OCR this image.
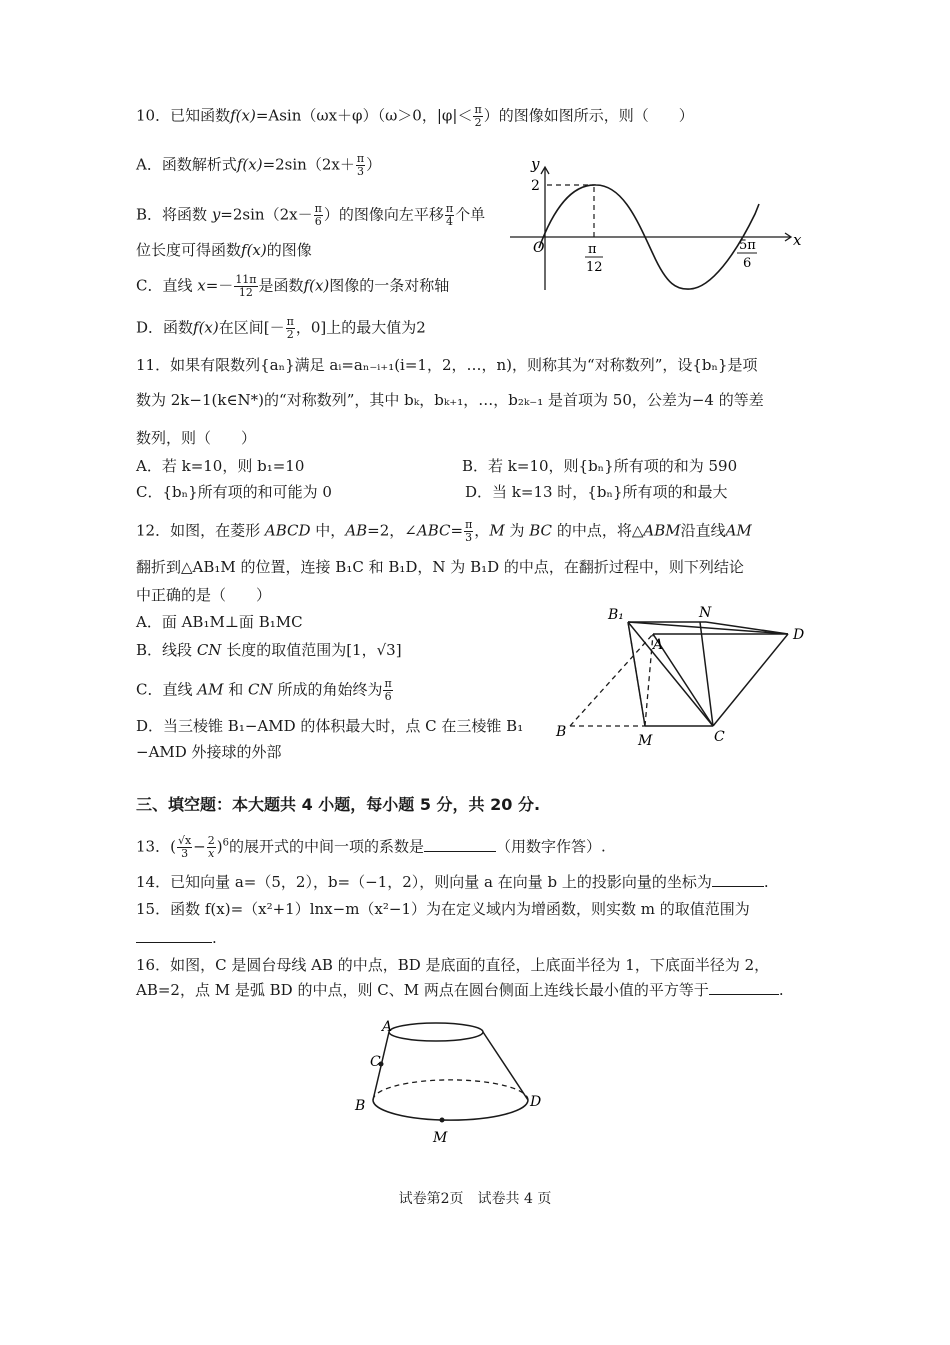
10．已知函数f(x)=Asin（ωx＋φ）（ω＞0，$|\varphi|< \frac{\pi}{2}$ ）的图像如图所示，则（　　）
A．函数解析式$f(x)=2\sin(2x+ \frac{\pi}{3}$ ）
B．将函数 $y=2\sin(2x- \frac{\pi}{6}$ ）的图像向左平移 $\frac{\pi}{4}$ 个单
位长度可得函数f(x)的图像
C．直线 $x=- \frac{11\pi}{12}$ 是函数f(x)图像的一条对称轴
D．函数f(x)在区间[－ $\frac{\pi}{2}$ ，0]上的最大值为2
y
x
O
2
π
12
5π
6
11．如果有限数列{aₙ}满足 aᵢ=aₙ₋ᵢ₊₁(i=1，2，…，n)，则称其为“对称数列”，设{bₙ}是项
数为 2k−1(k∈N*)的“对称数列”，其中 bₖ，bₖ₊₁，…，b₂ₖ₋₁ 是首项为 50，公差为−4 的等差
数列，则（　　）
A．若 k=10，则 b₁=10	B．若 k=10，则{bₙ}所有项的和为 590
C．{bₙ}所有项的和可能为 0	D．当 k=13 时，{bₙ}所有项的和最大
12．如图，在菱形 ABCD 中，AB=2，∠ABC= $\frac{\pi}{3}$ ，M 为 BC 的中点，将△ABM沿直线AM
翻折到△AB₁M 的位置，连接 B₁C 和 B₁D，N 为 B₁D 的中点，在翻折过程中，则下列结论
中正确的是（　　）
A．面 AB₁M⊥面 B₁MC
B．线段 CN 长度的取值范围为[1，√3]
C．直线 AM 和 CN 所成的角始终为 $\frac{\pi}{6}$
D．当三棱锥 B₁−AMD 的体积最大时，点 C 在三棱锥 B₁
−AMD 外接球的外部
B₁	N
A
D
B
M	C
三、填空题：本大题共 4 小题，每小题 5 分，共 20 分.
13．( $\frac{√x}{3} - \frac{2}{x} )^6$的展开式的中间一项的系数是	（用数字作答）.
14．已知向量 a=（5，2），b=（−1，2），则向量 a 在向量 b 上的投影向量的坐标为	.
15．函数 f(x)=（x²+1）lnx−m（x²−1）为在定义域内为增函数，则实数 m 的取值范围为
.
16．如图，C 是圆台母线 AB 的中点，BD 是底面的直径，上底面半径为 1，下底面半径为 2，
AB=2，点 M 是弧 BD 的中点，则 C、M 两点在圆台侧面上连线长最小值的平方等于	.
A
C
B	D
M
试卷第2页　试卷共 4 页
